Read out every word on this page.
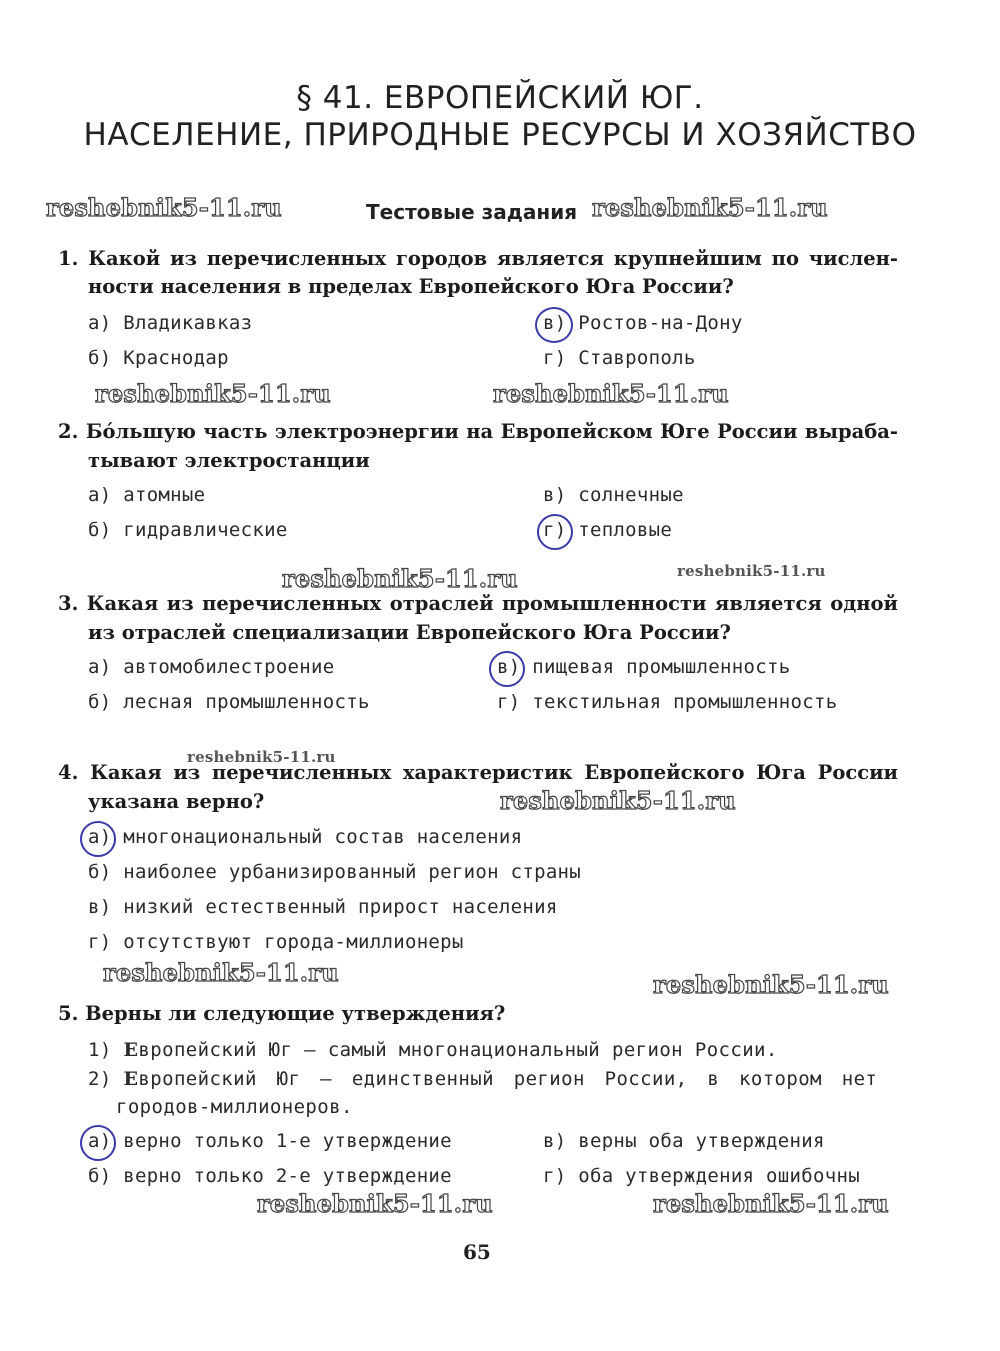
§ 41. ЕВРОПЕЙСКИЙ ЮГ.
НАСЕЛЕНИЕ, ПРИРОДНЫЕ РЕСУРСЫ И ХОЗЯЙСТВО
reshebnik5-11.ru	Тестовые задания reshebnik5-11.ru
1. Какой из перечисленных городов является крупнейшим по числен-
ности населения в пределах Европейского Юга России?
а) Владикавказ	в) Ростов-на-Дону
б) Краснодар	г) Ставрополь
reshebnik5-11.ru	reshebnik5-11.ru
2. Бóльшую часть электроэнергии на Европейском Юге России выраба-
тывают электростанции
а) атомные	в) солнечные
б) гидравлические	г) тепловые
reshebnik5-11.ru	reshebnik5-11.ru
3. Какая из перечисленных отраслей промышленности является одной
из отраслей специализации Европейского Юга России?
а) автомобилестроение	в) пищевая промышленность
б) лесная промышленность	г) текстильная промышленность
reshebnik5-11.ru
4. Какая из перечисленных характеристик Европейского Юга России
указана верно?	reshebnik5-11.ru
а) многонациональный состав населения
б) наиболее урбанизированный регион страны
в) низкий естественный прирост населения
г) отсутствуют города-миллионеры
reshebnik5-11.ru	reshebnik5-11.ru
5. Верны ли следующие утверждения?
1) Европейский Юг — самый многонациональный регион России.
2) Европейский Юг — единственный регион России, в котором нет
городов-миллионеров.
а) верно только 1-е утверждение	в) верны оба утверждения
б) верно только 2-е утверждение	г) оба утверждения ошибочны
reshebnik5-11.ru	reshebnik5-11.ru
65
